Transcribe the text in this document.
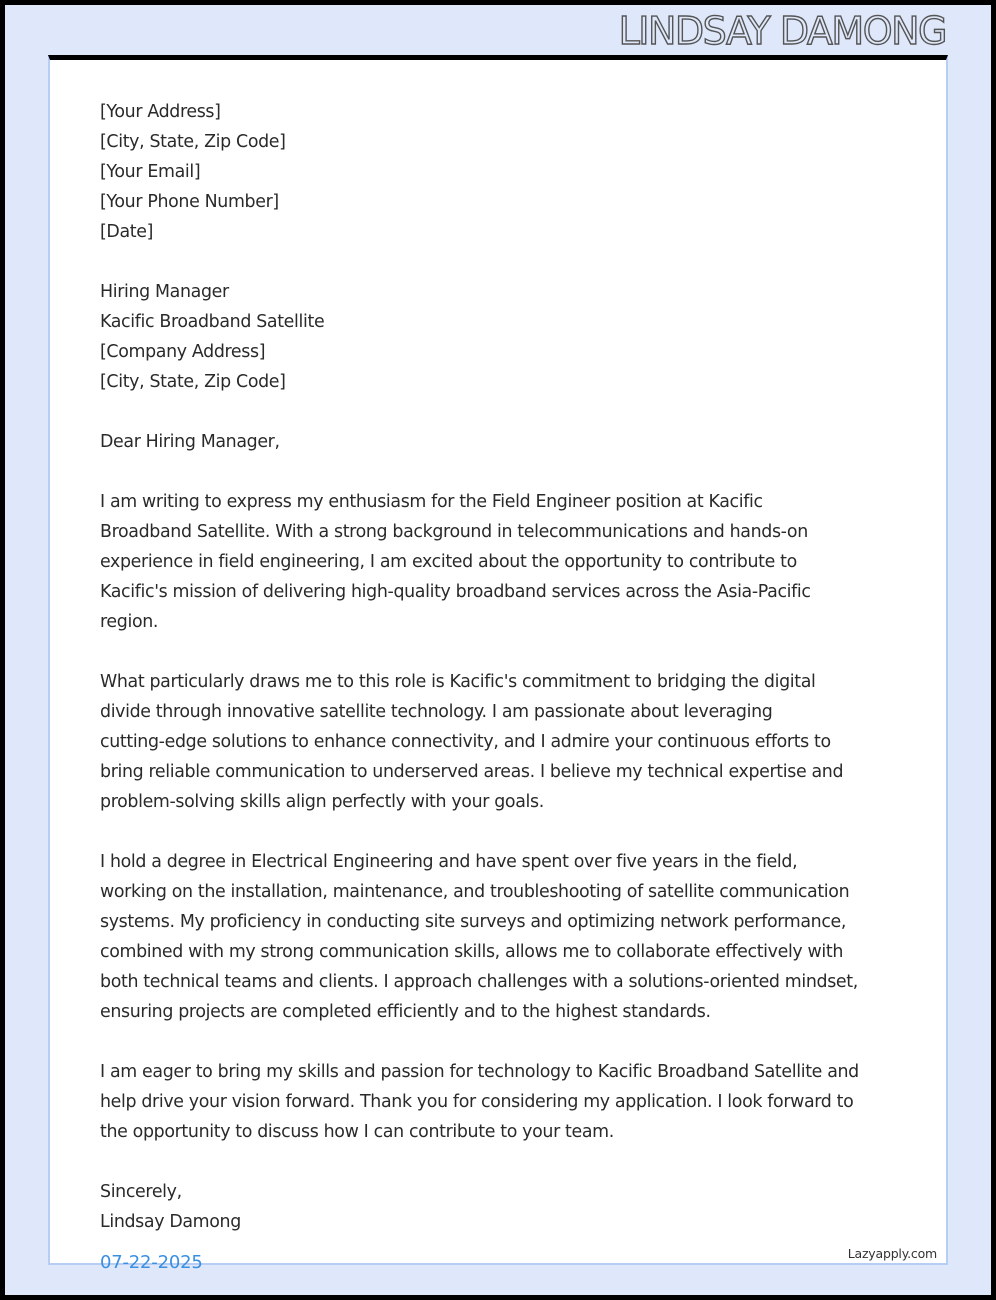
LINDSAY DAMONG
[Your Address]
[City, State, Zip Code]
[Your Email]
[Your Phone Number]
[Date]
Hiring Manager
Kacific Broadband Satellite
[Company Address]
[City, State, Zip Code]
Dear Hiring Manager,
I am writing to express my enthusiasm for the Field Engineer position at Kacific
Broadband Satellite. With a strong background in telecommunications and hands-on
experience in field engineering, I am excited about the opportunity to contribute to
Kacific's mission of delivering high-quality broadband services across the Asia-Pacific
region.
What particularly draws me to this role is Kacific's commitment to bridging the digital
divide through innovative satellite technology. I am passionate about leveraging
cutting-edge solutions to enhance connectivity, and I admire your continuous efforts to
bring reliable communication to underserved areas. I believe my technical expertise and
problem-solving skills align perfectly with your goals.
I hold a degree in Electrical Engineering and have spent over five years in the field,
working on the installation, maintenance, and troubleshooting of satellite communication
systems. My proficiency in conducting site surveys and optimizing network performance,
combined with my strong communication skills, allows me to collaborate effectively with
both technical teams and clients. I approach challenges with a solutions-oriented mindset,
ensuring projects are completed efficiently and to the highest standards.
I am eager to bring my skills and passion for technology to Kacific Broadband Satellite and
help drive your vision forward. Thank you for considering my application. I look forward to
the opportunity to discuss how I can contribute to your team.
Sincerely,
Lindsay Damong
07-22-2025	Lazyapply.com
